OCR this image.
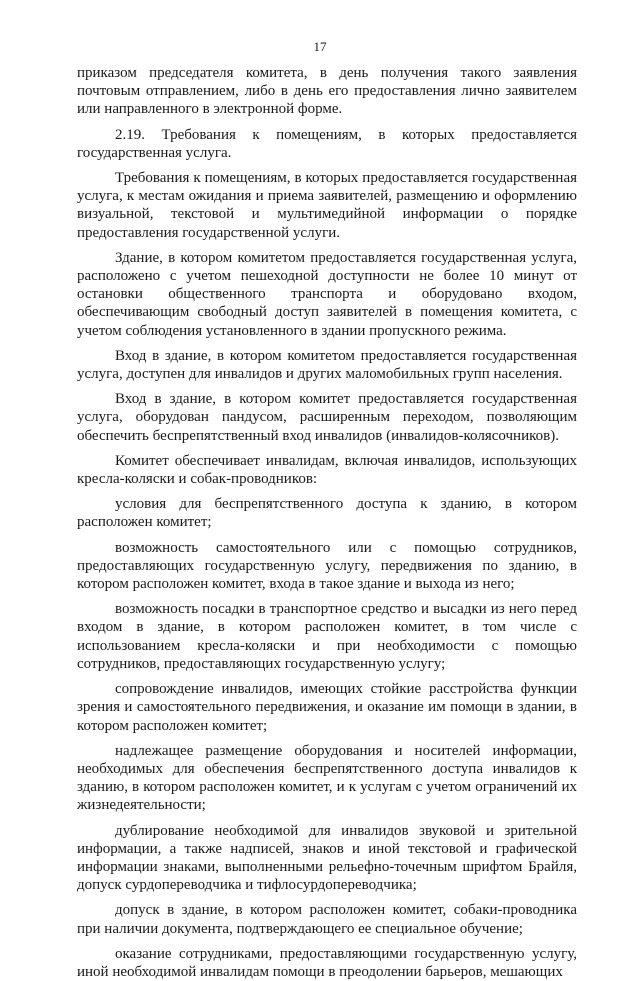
17

приказом председателя комитета, в день получения такого заявления почтовым отправлением, либо в день его предоставления лично заявителем или направленного в электронной форме.

2.19. Требования к помещениям, в которых предоставляется государственная услуга.

Требования к помещениям, в которых предоставляется государственная услуга, к местам ожидания и приема заявителей, размещению и оформлению визуальной, текстовой и мультимедийной информации о порядке предоставления государственной услуги.

Здание, в котором комитетом предоставляется государственная услуга, расположено с учетом пешеходной доступности не более 10 минут от остановки общественного транспорта и оборудовано входом, обеспечивающим свободный доступ заявителей в помещения комитета, с учетом соблюдения установленного в здании пропускного режима.

Вход в здание, в котором комитетом предоставляется государственная услуга, доступен для инвалидов и других маломобильных групп населения.

Вход в здание, в котором комитет предоставляется государственная услуга, оборудован пандусом, расширенным переходом, позволяющим обеспечить беспрепятственный вход инвалидов (инвалидов-колясочников).

Комитет обеспечивает инвалидам, включая инвалидов, использующих кресла-коляски и собак-проводников:

условия для беспрепятственного доступа к зданию, в котором расположен комитет;

возможность самостоятельного или с помощью сотрудников, предоставляющих государственную услугу, передвижения по зданию, в котором расположен комитет, входа в такое здание и выхода из него;

возможность посадки в транспортное средство и высадки из него перед входом в здание, в котором расположен комитет, в том числе с использованием кресла-коляски и при необходимости с помощью сотрудников, предоставляющих государственную услугу;

сопровождение инвалидов, имеющих стойкие расстройства функции зрения и самостоятельного передвижения, и оказание им помощи в здании, в котором расположен комитет;

надлежащее размещение оборудования и носителей информации, необходимых для обеспечения беспрепятственного доступа инвалидов к зданию, в котором расположен комитет, и к услугам с учетом ограничений их жизнедеятельности;

дублирование необходимой для инвалидов звуковой и зрительной информации, а также надписей, знаков и иной текстовой и графической информации знаками, выполненными рельефно-точечным шрифтом Брайля, допуск сурдопереводчика и тифлосурдопереводчика;

допуск в здание, в котором расположен комитет, собаки-проводника при наличии документа, подтверждающего ее специальное обучение;

оказание сотрудниками, предоставляющими государственную услугу, иной необходимой инвалидам помощи в преодолении барьеров, мешающих
